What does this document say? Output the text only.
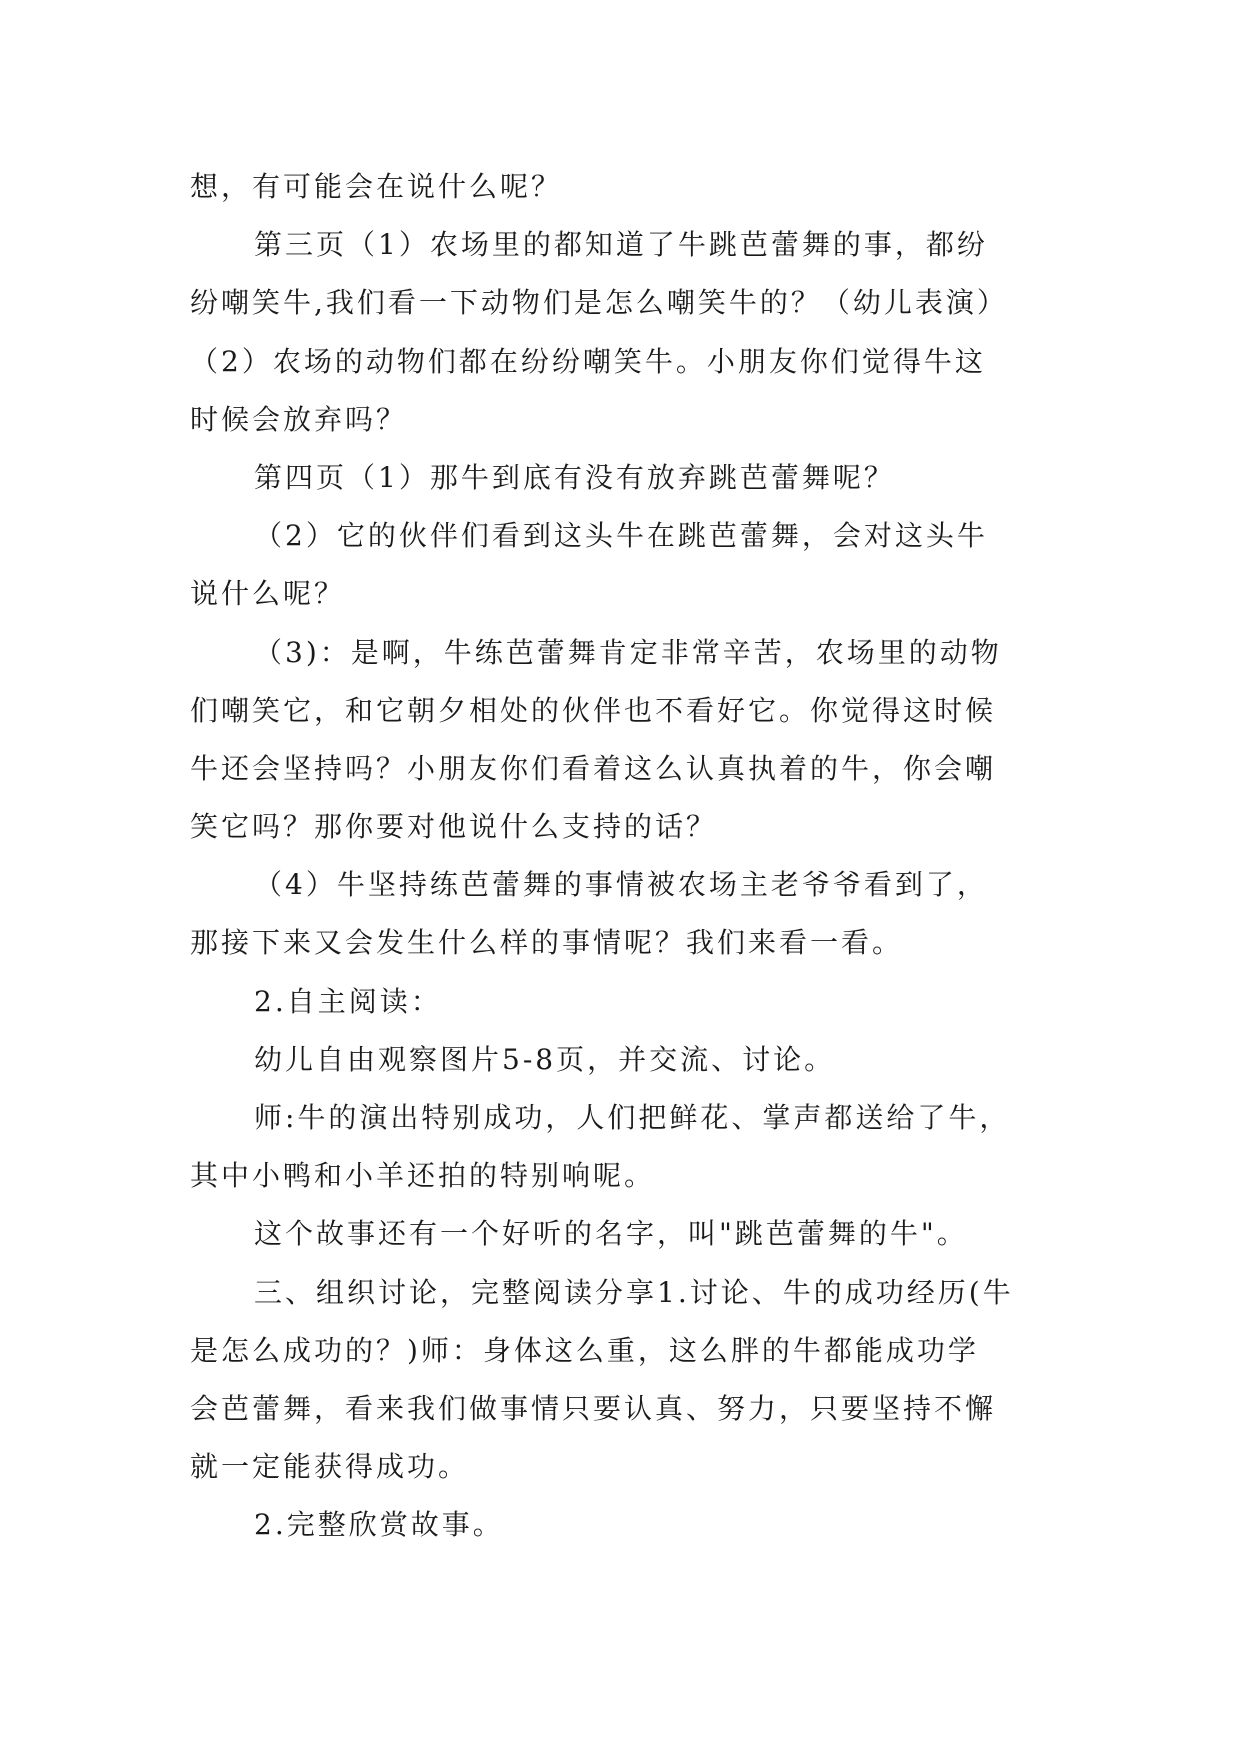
想，有可能会在说什么呢？
第三页（1）农场里的都知道了牛跳芭蕾舞的事，都纷
纷嘲笑牛,我们看一下动物们是怎么嘲笑牛的？（幼儿表演）
（2）农场的动物们都在纷纷嘲笑牛。小朋友你们觉得牛这
时候会放弃吗？
第四页（1）那牛到底有没有放弃跳芭蕾舞呢？
（2）它的伙伴们看到这头牛在跳芭蕾舞，会对这头牛
说什么呢？
（3)：是啊，牛练芭蕾舞肯定非常辛苦，农场里的动物
们嘲笑它，和它朝夕相处的伙伴也不看好它。你觉得这时候
牛还会坚持吗？小朋友你们看着这么认真执着的牛，你会嘲
笑它吗？那你要对他说什么支持的话？
（4）牛坚持练芭蕾舞的事情被农场主老爷爷看到了，
那接下来又会发生什么样的事情呢？我们来看一看。
2.自主阅读：
幼儿自由观察图片5-8页，并交流、讨论。
师:牛的演出特别成功，人们把鲜花、掌声都送给了牛，
其中小鸭和小羊还拍的特别响呢。
这个故事还有一个好听的名字，叫"跳芭蕾舞的牛"。
三、组织讨论，完整阅读分享1.讨论、牛的成功经历(牛
是怎么成功的？)师：身体这么重，这么胖的牛都能成功学
会芭蕾舞，看来我们做事情只要认真、努力，只要坚持不懈
就一定能获得成功。
2.完整欣赏故事。
